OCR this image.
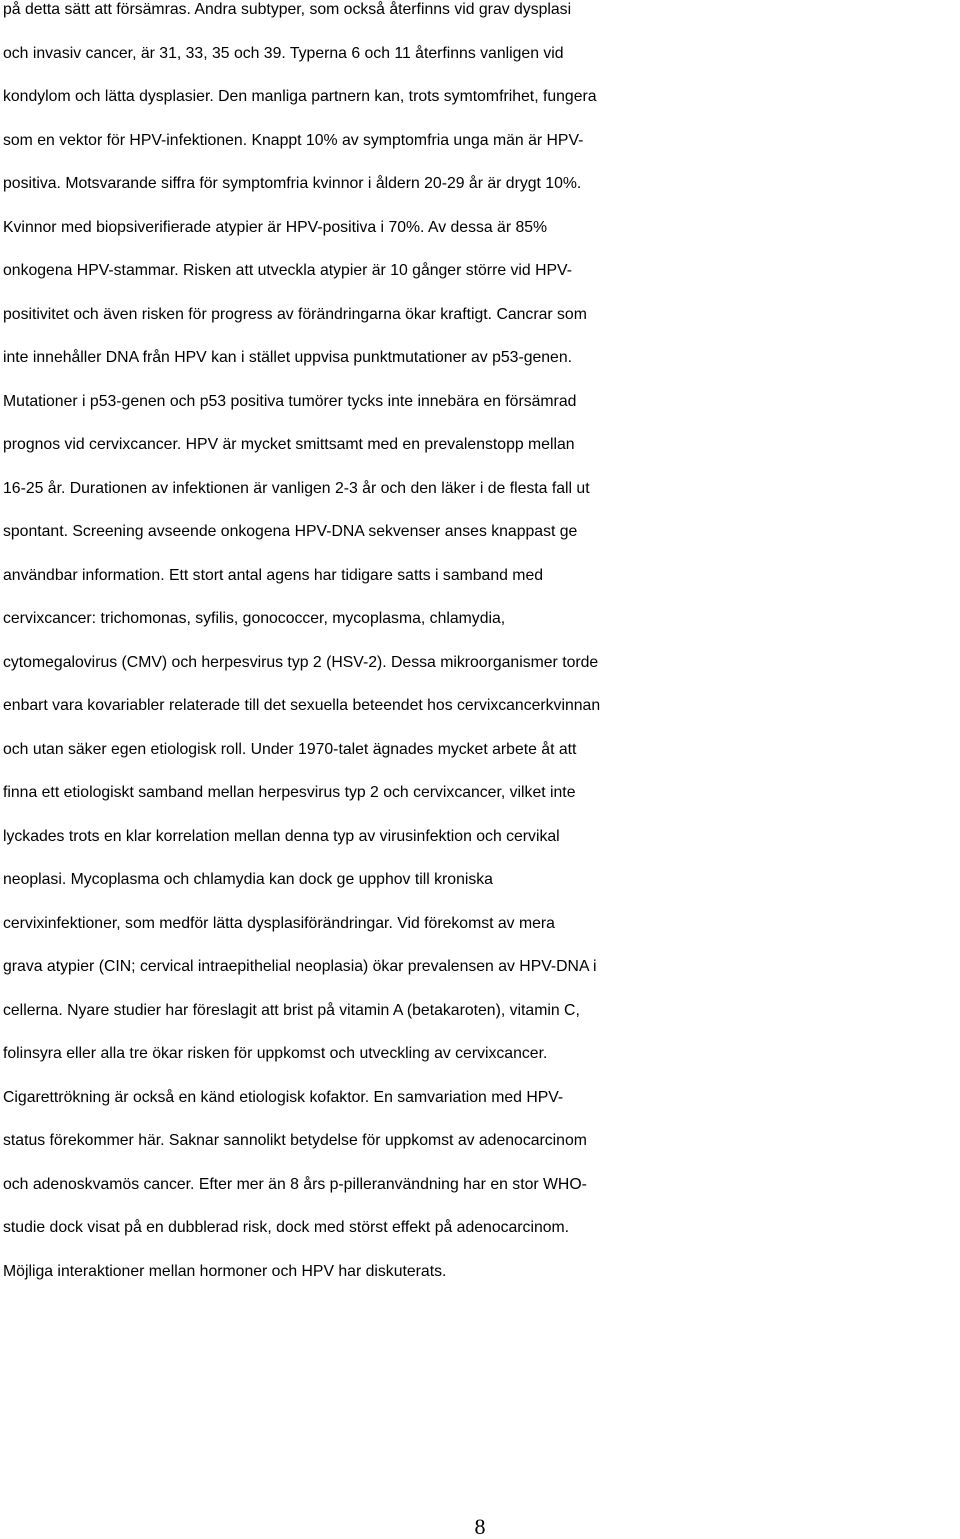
på detta sätt att försämras. Andra subtyper, som också återfinns vid grav dysplasi
och invasiv cancer, är 31, 33, 35 och 39. Typerna 6 och 11 återfinns vanligen vid
kondylom och lätta dysplasier. Den manliga partnern kan, trots symtomfrihet, fungera
som en vektor för HPV-infektionen. Knappt 10% av symptomfria unga män är HPV-
positiva. Motsvarande siffra för symptomfria kvinnor i åldern 20-29 år är drygt 10%.
Kvinnor med biopsiverifierade atypier är HPV-positiva i 70%. Av dessa är 85%
onkogena HPV-stammar. Risken att utveckla atypier är 10 gånger större vid HPV-
positivitet och även risken för progress av förändringarna ökar kraftigt. Cancrar som
inte innehåller DNA från HPV kan i stället uppvisa punktmutationer av p53-genen.
Mutationer i p53-genen och p53 positiva tumörer tycks inte innebära en försämrad
prognos vid cervixcancer. HPV är mycket smittsamt med en prevalenstopp mellan
16-25 år. Durationen av infektionen är vanligen 2-3 år och den läker i de flesta fall ut
spontant. Screening avseende onkogena HPV-DNA sekvenser anses knappast ge
användbar information. Ett stort antal agens har tidigare satts i samband med
cervixcancer: trichomonas, syfilis, gonococcer, mycoplasma, chlamydia,
cytomegalovirus (CMV) och herpesvirus typ 2 (HSV-2). Dessa mikroorganismer torde
enbart vara kovariabler relaterade till det sexuella beteendet hos cervixcancerkvinnan
och utan säker egen etiologisk roll. Under 1970-talet ägnades mycket arbete åt att
finna ett etiologiskt samband mellan herpesvirus typ 2 och cervixcancer, vilket inte
lyckades trots en klar korrelation mellan denna typ av virusinfektion och cervikal
neoplasi. Mycoplasma och chlamydia kan dock ge upphov till kroniska
cervixinfektioner, som medför lätta dysplasiförändringar. Vid förekomst av mera
grava atypier (CIN; cervical intraepithelial neoplasia) ökar prevalensen av HPV-DNA i
cellerna. Nyare studier har föreslagit att brist på vitamin A (betakaroten), vitamin C,
folinsyra eller alla tre ökar risken för uppkomst och utveckling av cervixcancer.
Cigarettrökning är också en känd etiologisk kofaktor. En samvariation med HPV-
status förekommer här. Saknar sannolikt betydelse för uppkomst av adenocarcinom
och adenoskvamös cancer. Efter mer än 8 års p-pilleranvändning har en stor WHO-
studie dock visat på en dubblerad risk, dock med störst effekt på adenocarcinom.
Möjliga interaktioner mellan hormoner och HPV har diskuterats.
8
